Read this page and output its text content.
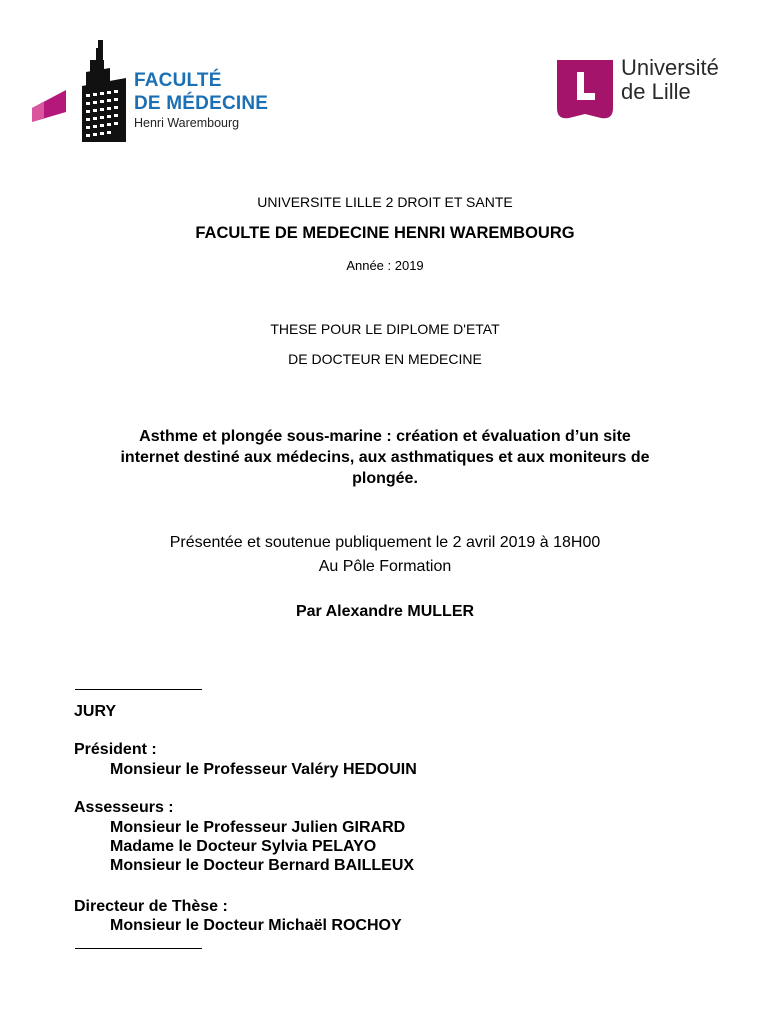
FACULTÉ
DE MÉDECINE
Henri Warembourg
Université
de Lille
UNIVERSITE LILLE 2 DROIT ET SANTE
FACULTE DE MEDECINE HENRI WAREMBOURG
Année : 2019
THESE POUR LE DIPLOME D'ETAT
DE DOCTEUR EN MEDECINE
Asthme et plongée sous-marine : création et évaluation d’un site
internet destiné aux médecins, aux asthmatiques et aux moniteurs de
plongée.
Présentée et soutenue publiquement le 2 avril 2019 à 18H00
Au Pôle Formation
Par Alexandre MULLER
JURY
Président :
Monsieur le Professeur Valéry HEDOUIN
Assesseurs :
Monsieur le Professeur Julien GIRARD
Madame le Docteur Sylvia PELAYO
Monsieur le Docteur Bernard BAILLEUX
Directeur de Thèse :
Monsieur le Docteur Michaël ROCHOY
